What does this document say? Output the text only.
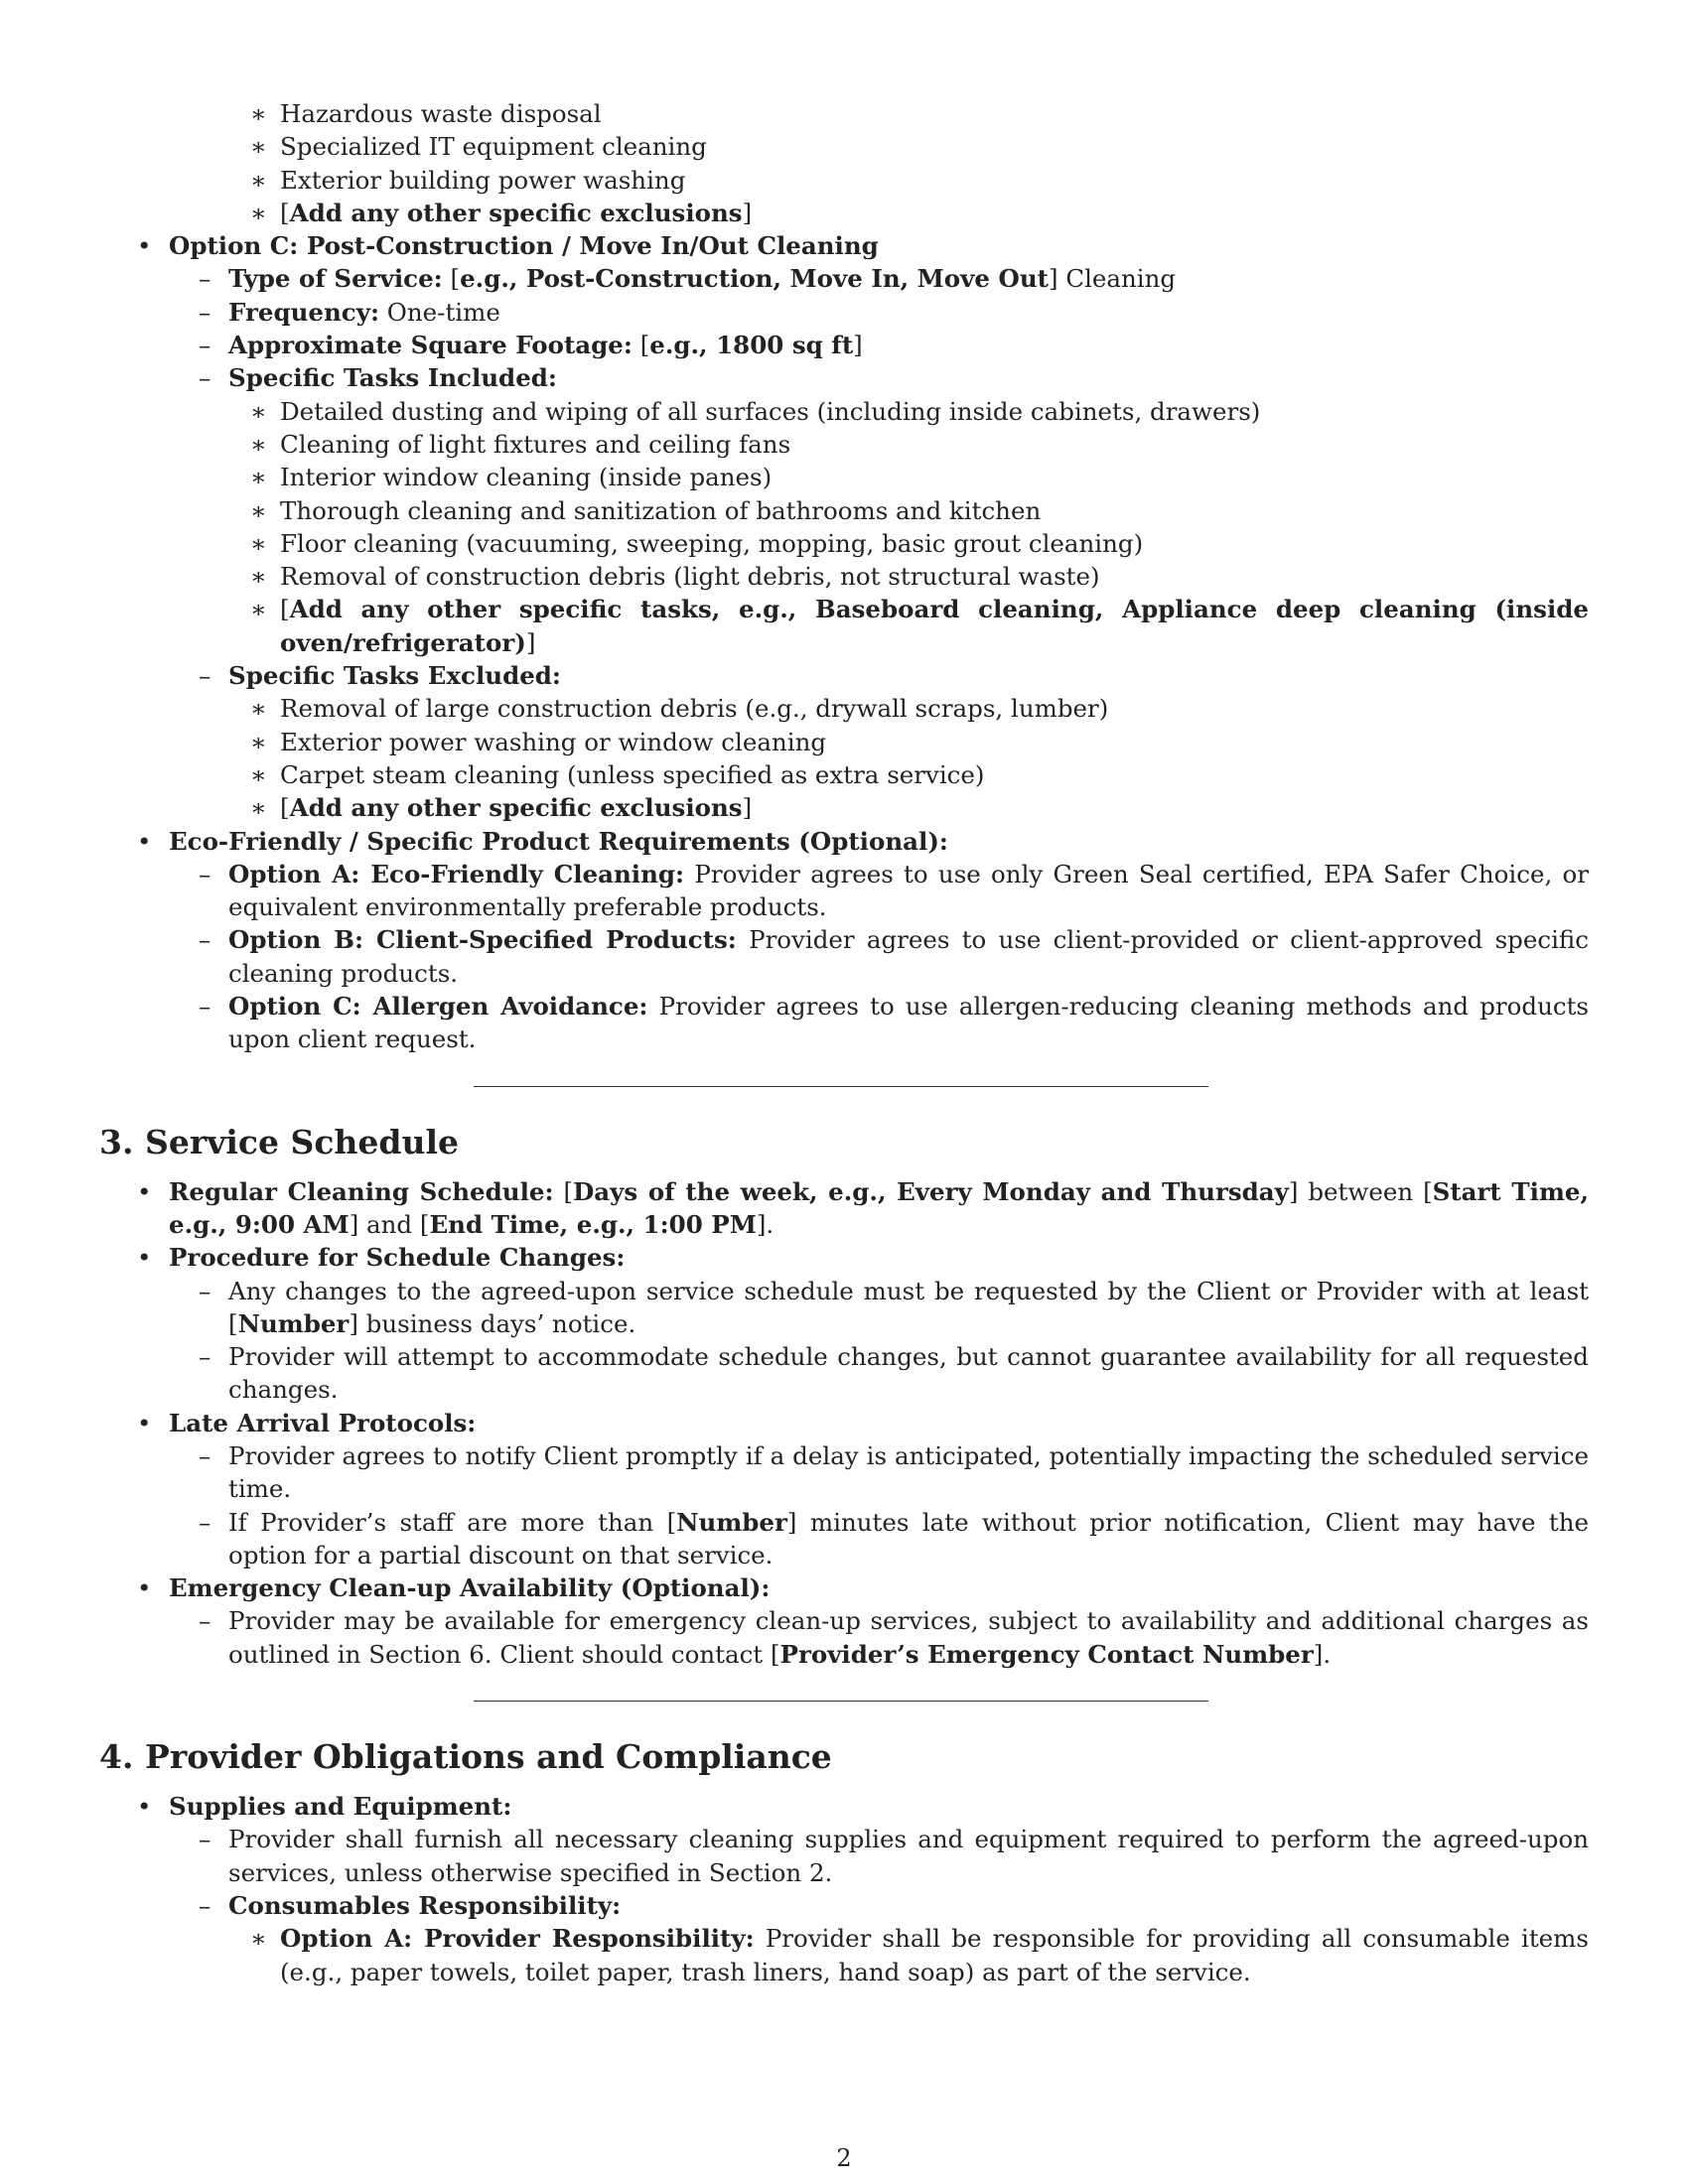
∗ Hazardous waste disposal
∗ Specialized IT equipment cleaning
∗ Exterior building power washing
∗ [Add any other specific exclusions]
• Option C: Post-Construction / Move In/Out Cleaning
– Type of Service: [e.g., Post-Construction, Move In, Move Out] Cleaning
– Frequency: One-time
– Approximate Square Footage: [e.g., 1800 sq ft]
– Specific Tasks Included:
∗ Detailed dusting and wiping of all surfaces (including inside cabinets, drawers)
∗ Cleaning of light fixtures and ceiling fans
∗ Interior window cleaning (inside panes)
∗ Thorough cleaning and sanitization of bathrooms and kitchen
∗ Floor cleaning (vacuuming, sweeping, mopping, basic grout cleaning)
∗ Removal of construction debris (light debris, not structural waste)
∗ [Add any other specific tasks, e.g., Baseboard cleaning, Appliance deep cleaning (inside oven/refrigerator)]
– Specific Tasks Excluded:
∗ Removal of large construction debris (e.g., drywall scraps, lumber)
∗ Exterior power washing or window cleaning
∗ Carpet steam cleaning (unless specified as extra service)
∗ [Add any other specific exclusions]
• Eco-Friendly / Specific Product Requirements (Optional):
– Option A: Eco-Friendly Cleaning: Provider agrees to use only Green Seal certified, EPA Safer Choice, or equivalent environmentally preferable products.
– Option B: Client-Specified Products: Provider agrees to use client-provided or client-approved specific cleaning products.
– Option C: Allergen Avoidance: Provider agrees to use allergen-reducing cleaning methods and products upon client request.
3. Service Schedule
• Regular Cleaning Schedule: [Days of the week, e.g., Every Monday and Thursday] between [Start Time, e.g., 9:00 AM] and [End Time, e.g., 1:00 PM].
• Procedure for Schedule Changes:
– Any changes to the agreed-upon service schedule must be requested by the Client or Provider with at least [Number] business days’ notice.
– Provider will attempt to accommodate schedule changes, but cannot guarantee availability for all requested changes.
• Late Arrival Protocols:
– Provider agrees to notify Client promptly if a delay is anticipated, potentially impacting the scheduled service time.
– If Provider’s staff are more than [Number] minutes late without prior notification, Client may have the option for a partial discount on that service.
• Emergency Clean-up Availability (Optional):
– Provider may be available for emergency clean-up services, subject to availability and additional charges as outlined in Section 6. Client should contact [Provider’s Emergency Contact Number].
4. Provider Obligations and Compliance
• Supplies and Equipment:
– Provider shall furnish all necessary cleaning supplies and equipment required to perform the agreed-upon services, unless otherwise specified in Section 2.
– Consumables Responsibility:
∗ Option A: Provider Responsibility: Provider shall be responsible for providing all consumable items (e.g., paper towels, toilet paper, trash liners, hand soap) as part of the service.
2
